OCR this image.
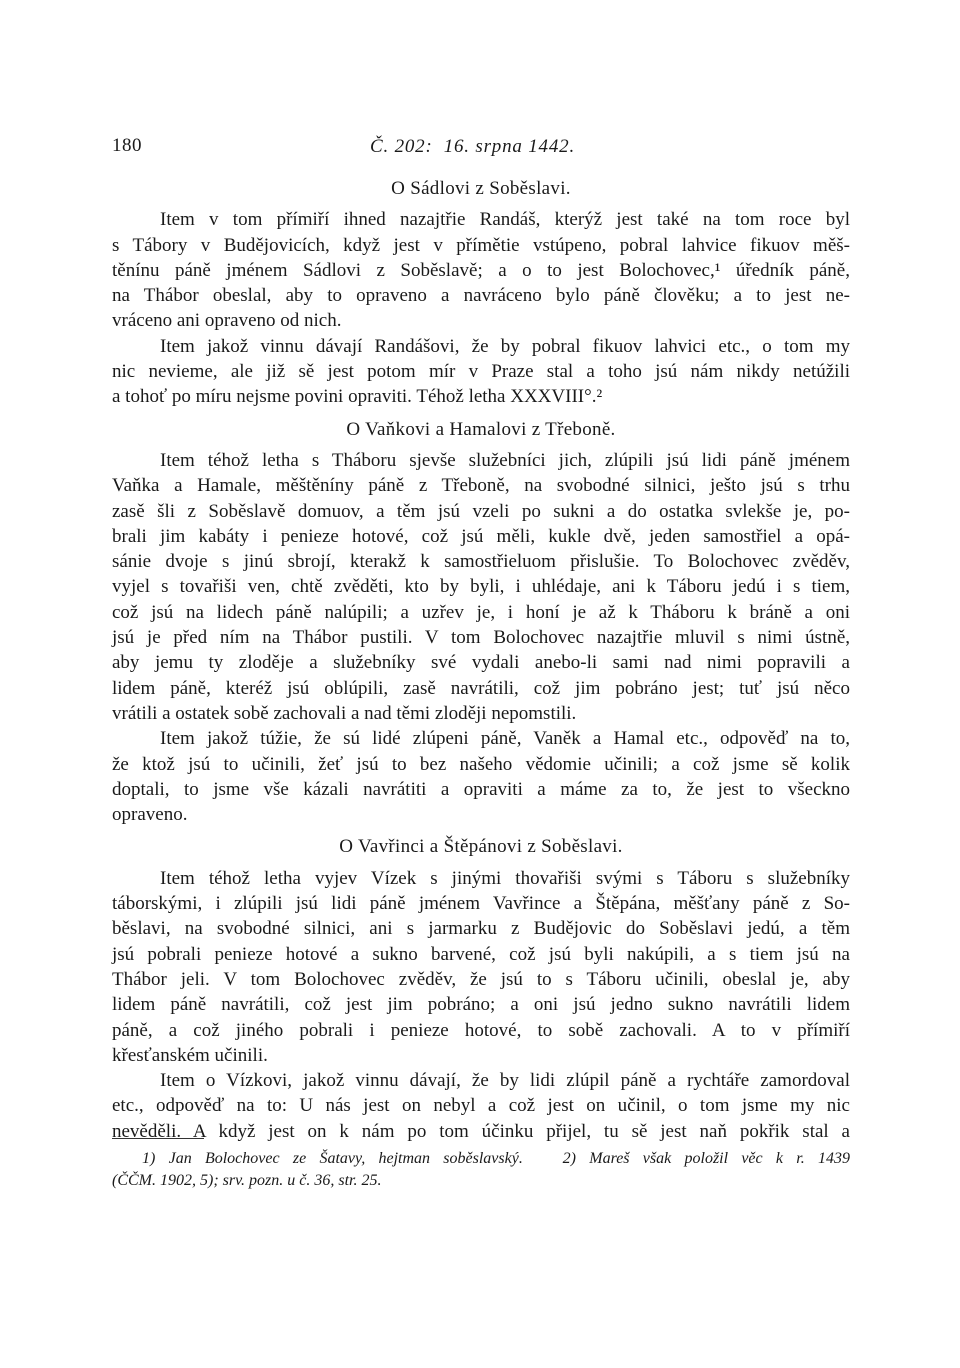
180	Č. 202:  16. srpna 1442.
O Sádlovi z Soběslavi.
Item v tom přímiří ihned nazajtřie Randáš, kterýž jest také na tom roce byl
s Tábory v Budějovicích, když jest v přímětie vstúpeno, pobral lahvice fikuov měš-
těnínu páně jménem Sádlovi z Soběslavě; a o to jest Bolochovec,¹ úředník páně,
na Thábor obeslal, aby to opraveno a navráceno bylo páně člověku; a to jest ne-
vráceno ani opraveno od nich.
Item jakož vinnu dávají Randášovi, že by pobral fikuov lahvici etc., o tom my
nic nevieme, ale již sě jest potom mír v Praze stal a toho jsú nám nikdy netúžili
a tohoť po míru nejsme povini opraviti. Téhož letha XXXVIII°.²
O Vaňkovi a Hamalovi z Třeboně.
Item téhož letha s Tháboru sjevše služebníci jich, zlúpili jsú lidi páně jménem
Vaňka a Hamale, měštěníny páně z Třeboně, na svobodné silnici, ješto jsú s trhu
zasě šli z Soběslavě domuov, a těm jsú vzeli po sukni a do ostatka svlekše je, po-
brali jim kabáty i penieze hotové, což jsú měli, kukle dvě, jeden samostřiel a opá-
sánie dvoje s jinú sbrojí, kterakž k samostřieluom přislušie. To Bolochovec zvěděv,
vyjel s tovařiši ven, chtě zvěděti, kto by byli, i uhlédaje, ani k Táboru jedú i s tiem,
což jsú na lidech páně nalúpili; a uzřev je, i honí je až k Tháboru k bráně a oni
jsú je před ním na Thábor pustili. V tom Bolochovec nazajtřie mluvil s nimi ústně,
aby jemu ty zloděje a služebníky své vydali anebo-li sami nad nimi popravili a
lidem páně, kteréž jsú oblúpili, zasě navrátili, což jim pobráno jest; tuť jsú něco
vrátili a ostatek sobě zachovali a nad těmi zloději nepomstili.
Item jakož túžie, že sú lidé zlúpeni páně, Vaněk a Hamal etc., odpověď na to,
že ktož jsú to učinili, žeť jsú to bez našeho vědomie učinili; a což jsme sě kolik
doptali, to jsme vše kázali navrátiti a opraviti a máme za to, že jest to všeckno
opraveno.
O Vavřinci a Štěpánovi z Soběslavi.
Item téhož letha vyjev Vízek s jinými thovařiši svými s Táboru s služebníky
táborskými, i zlúpili jsú lidi páně jménem Vavřince a Štěpána, měšťany páně z So-
běslavi, na svobodné silnici, ani s jarmarku z Budějovic do Soběslavi jedú, a těm
jsú pobrali penieze hotové a sukno barvené, což jsú byli nakúpili, a s tiem jsú na
Thábor jeli. V tom Bolochovec zvěděv, že jsú to s Táboru učinili, obeslal je, aby
lidem páně navrátili, což jest jim pobráno; a oni jsú jedno sukno navrátili lidem
páně, a což jiného pobrali i penieze hotové, to sobě zachovali. A to v přímiří
křesťanském učinili.
Item o Vízkovi, jakož vinnu dávají, že by lidi zlúpil páně a rychtáře zamordoval
etc., odpověď na to: U nás jest on nebyl a což jest on učinil, o tom jsme my nic
nevěděli. A když jest on k nám po tom účinku přijel, tu sě jest naň pokřik stal a
1) Jan Bolochovec ze Šatavy, hejtman soběslavský.   2) Mareš však položil věc k r. 1439
(ČČM. 1902, 5); srv. pozn. u č. 36, str. 25.
